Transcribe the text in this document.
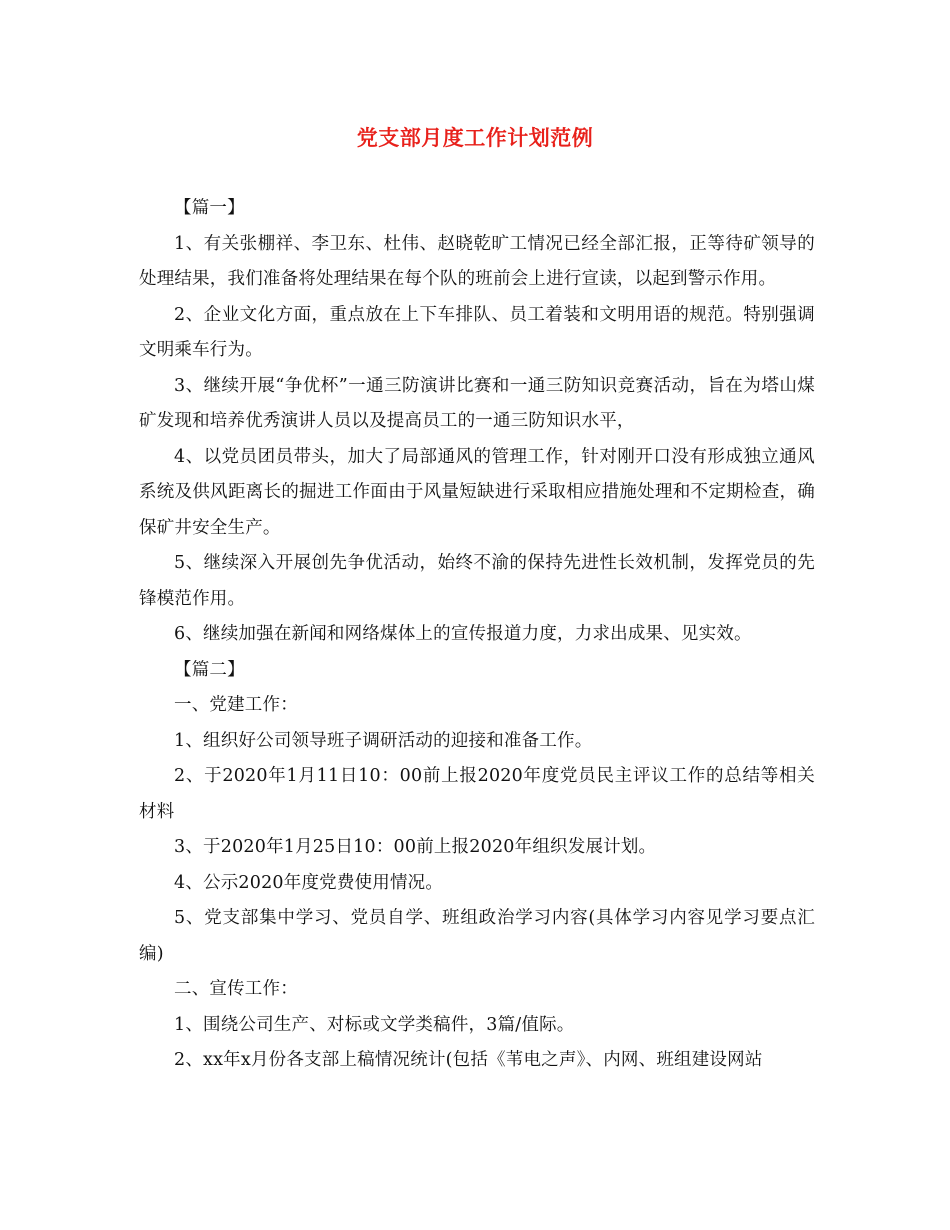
党支部月度工作计划范例

【篇一】

1、有关张棚祥、李卫东、杜伟、赵晓乾旷工情况已经全部汇报，正等待矿领导的处理结果，我们准备将处理结果在每个队的班前会上进行宣读，以起到警示作用。

2、企业文化方面，重点放在上下车排队、员工着装和文明用语的规范。特别强调文明乘车行为。

3、继续开展“争优杯”一通三防演讲比赛和一通三防知识竞赛活动，旨在为塔山煤矿发现和培养优秀演讲人员以及提高员工的一通三防知识水平，

4、以党员团员带头，加大了局部通风的管理工作，针对刚开口没有形成独立通风系统及供风距离长的掘进工作面由于风量短缺进行采取相应措施处理和不定期检查，确保矿井安全生产。

5、继续深入开展创先争优活动，始终不渝的保持先进性长效机制，发挥党员的先锋模范作用。

6、继续加强在新闻和网络煤体上的宣传报道力度，力求出成果、见实效。

【篇二】

一、党建工作：

1、组织好公司领导班子调研活动的迎接和准备工作。

2、于2020年1月11日10：00前上报2020年度党员民主评议工作的总结等相关材料

3、于2020年1月25日10：00前上报2020年组织发展计划。

4、公示2020年度党费使用情况。

5、党支部集中学习、党员自学、班组政治学习内容(具体学习内容见学习要点汇编)

二、宣传工作：

1、围绕公司生产、对标或文学类稿件，3篇/值际。

2、xx年x月份各支部上稿情况统计(包括《苇电之声》、内网、班组建设网站
